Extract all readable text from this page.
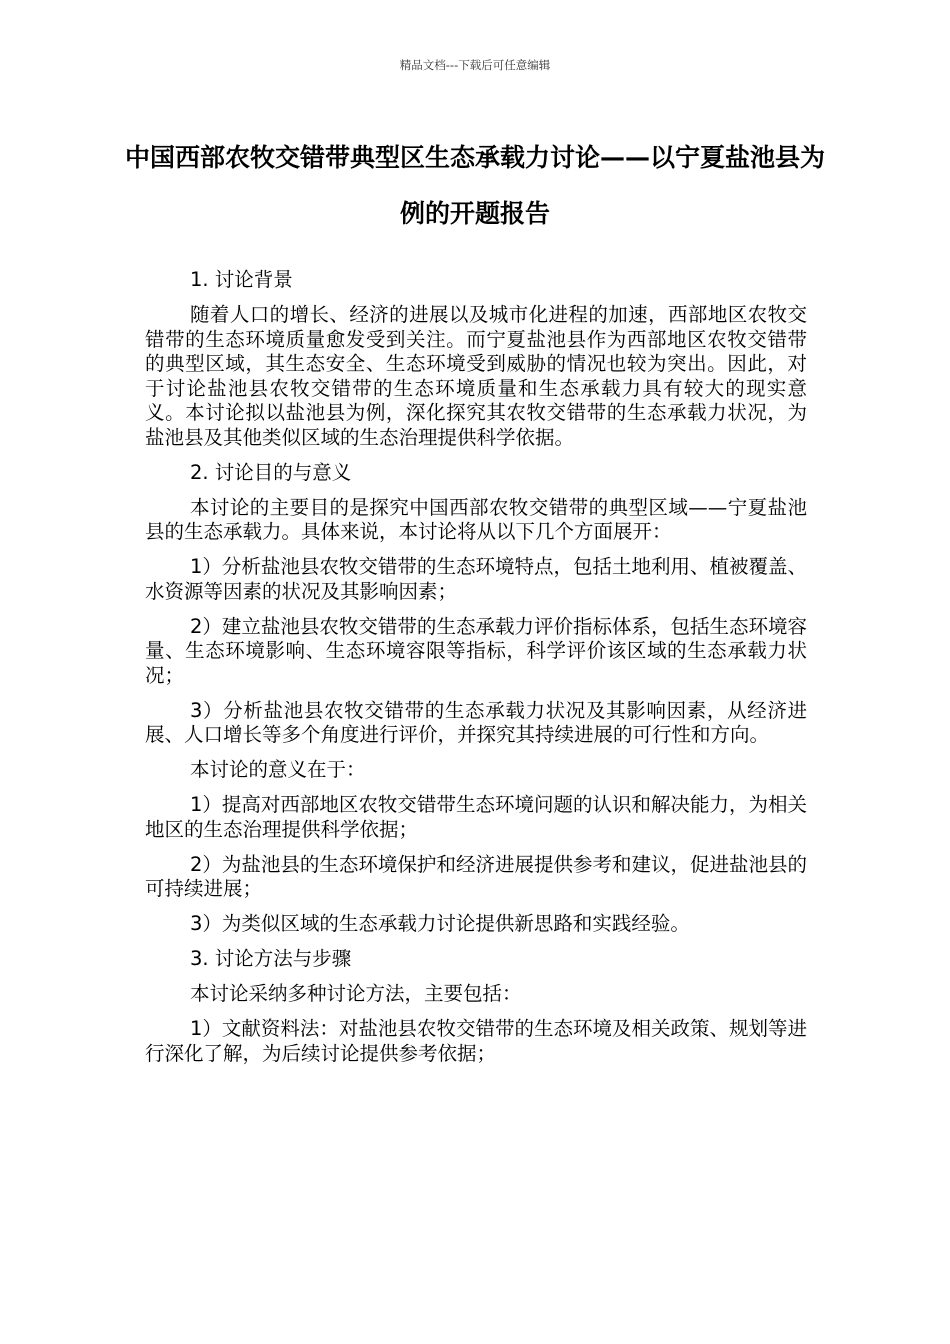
精品文档---下载后可任意编辑
中国西部农牧交错带典型区生态承载力讨论——以宁夏盐池县为例的开题报告

1. 讨论背景

随着人口的增长、经济的进展以及城市化进程的加速，西部地区农牧交错带的生态环境质量愈发受到关注。而宁夏盐池县作为西部地区农牧交错带的典型区域，其生态安全、生态环境受到威胁的情况也较为突出。因此，对于讨论盐池县农牧交错带的生态环境质量和生态承载力具有较大的现实意义。本讨论拟以盐池县为例，深化探究其农牧交错带的生态承载力状况，为盐池县及其他类似区域的生态治理提供科学依据。

2. 讨论目的与意义

本讨论的主要目的是探究中国西部农牧交错带的典型区域——宁夏盐池县的生态承载力。具体来说，本讨论将从以下几个方面展开：

1）分析盐池县农牧交错带的生态环境特点，包括土地利用、植被覆盖、水资源等因素的状况及其影响因素；

2）建立盐池县农牧交错带的生态承载力评价指标体系，包括生态环境容量、生态环境影响、生态环境容限等指标，科学评价该区域的生态承载力状况；

3）分析盐池县农牧交错带的生态承载力状况及其影响因素，从经济进展、人口增长等多个角度进行评价，并探究其持续进展的可行性和方向。

本讨论的意义在于：

1）提高对西部地区农牧交错带生态环境问题的认识和解决能力，为相关地区的生态治理提供科学依据；

2）为盐池县的生态环境保护和经济进展提供参考和建议，促进盐池县的可持续进展；

3）为类似区域的生态承载力讨论提供新思路和实践经验。

3. 讨论方法与步骤

本讨论采纳多种讨论方法，主要包括：

1）文献资料法：对盐池县农牧交错带的生态环境及相关政策、规划等进行深化了解，为后续讨论提供参考依据；
